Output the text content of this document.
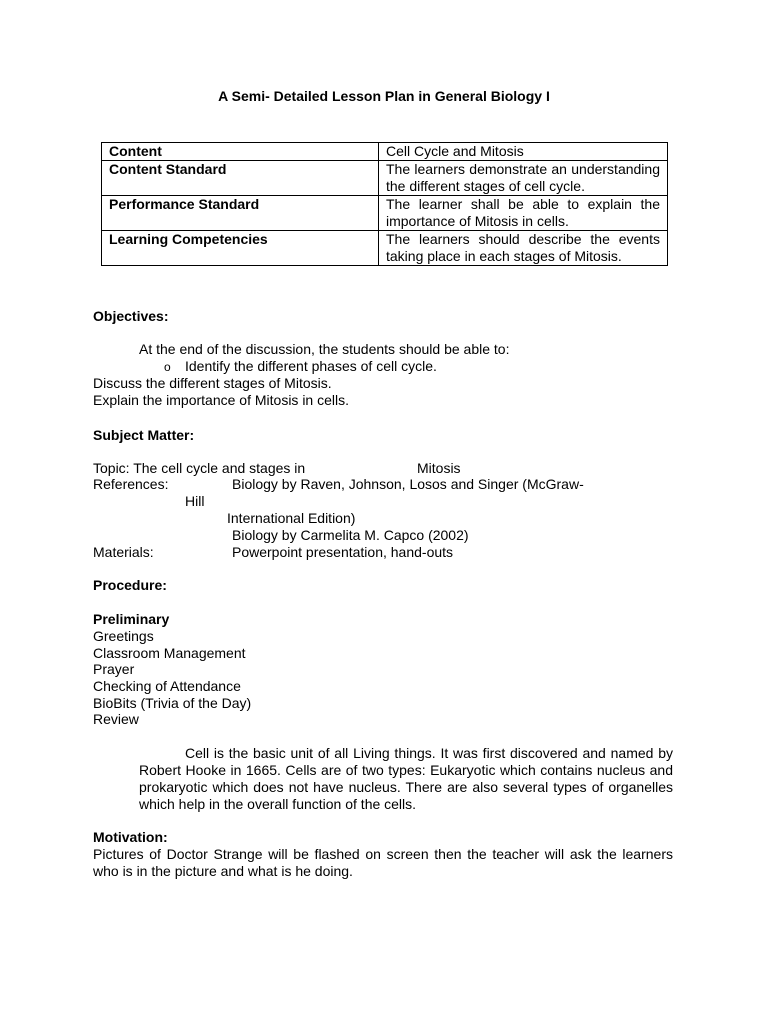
A Semi- Detailed Lesson Plan in General Biology I
Content	Cell Cycle and Mitosis
Content Standard	The learners demonstrate an understanding the different stages of cell cycle.
Performance Standard	The learner shall be able to explain the importance of Mitosis in cells.
Learning Competencies	The learners should describe the events taking place in each stages of Mitosis.
Objectives:
At the end of the discussion, the students should be able to:
o Identify the different phases of cell cycle.
Discuss the different stages of Mitosis.
Explain the importance of Mitosis in cells.
Subject Matter:
Topic: The cell cycle and stages in	Mitosis
References:	Biology by Raven, Johnson, Losos and Singer (McGraw-
Hill
International Edition)
Biology by Carmelita M. Capco (2002)
Materials:	Powerpoint presentation, hand-outs
Procedure:
Preliminary
Greetings
Classroom Management
Prayer
Checking of Attendance
BioBits (Trivia of the Day)
Review
Cell is the basic unit of all Living things. It was first discovered and named by Robert Hooke in 1665. Cells are of two types: Eukaryotic which contains nucleus and prokaryotic which does not have nucleus. There are also several types of organelles which help in the overall function of the cells.
Motivation:
Pictures of Doctor Strange will be flashed on screen then the teacher will ask the learners who is in the picture and what is he doing.
